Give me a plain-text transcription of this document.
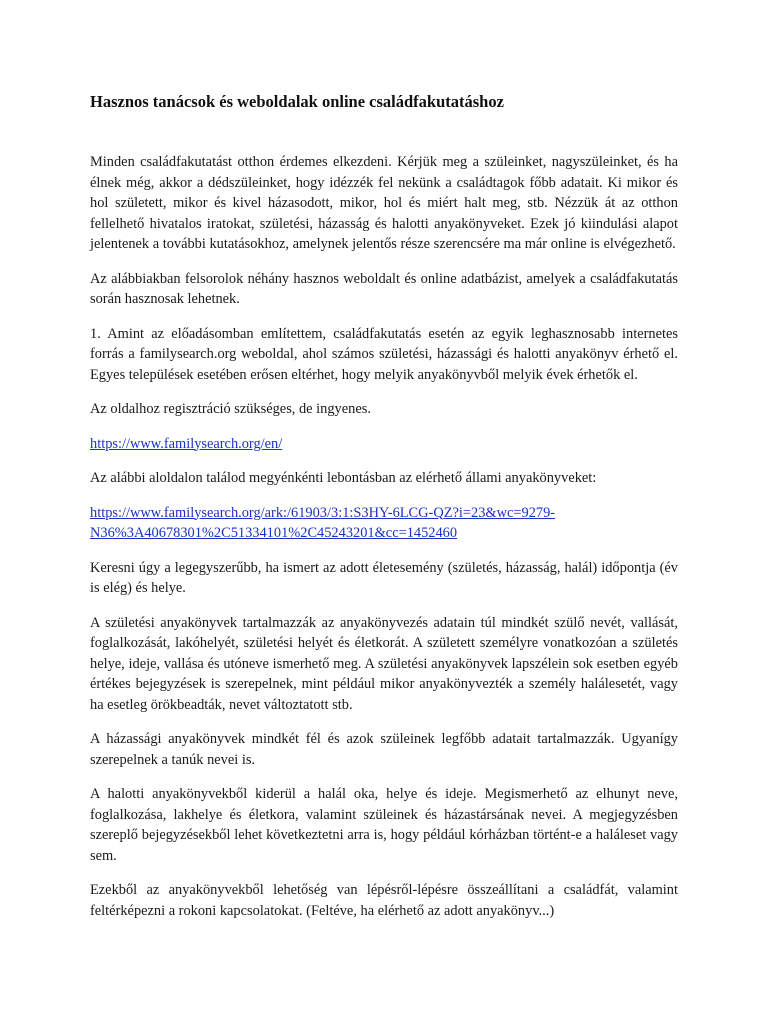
Hasznos tanácsok és weboldalak online családfakutatáshoz

Minden családfakutatást otthon érdemes elkezdeni. Kérjük meg a szüleinket, nagyszüleinket, és ha élnek még, akkor a dédszüleinket, hogy idézzék fel nekünk a családtagok főbb adatait. Ki mikor és hol született, mikor és kivel házasodott, mikor, hol és miért halt meg, stb. Nézzük át az otthon fellelhető hivatalos iratokat, születési, házasság és halotti anyakönyveket. Ezek jó kiindulási alapot jelentenek a további kutatásokhoz, amelynek jelentős része szerencsére ma már online is elvégezhető.

Az alábbiakban felsorolok néhány hasznos weboldalt és online adatbázist, amelyek a családfakutatás során hasznosak lehetnek.

1. Amint az előadásomban említettem, családfakutatás esetén az egyik leghasznosabb internetes forrás a familysearch.org weboldal, ahol számos születési, házassági és halotti anyakönyv érhető el. Egyes települések esetében erősen eltérhet, hogy melyik anyakönyvből melyik évek érhetők el.

Az oldalhoz regisztráció szükséges, de ingyenes.

https://www.familysearch.org/en/

Az alábbi aloldalon találod megyénkénti lebontásban az elérhető állami anyakönyveket:

https://www.familysearch.org/ark:/61903/3:1:S3HY-6LCG-QZ?i=23&wc=9279-
N36%3A40678301%2C51334101%2C45243201&cc=1452460

Keresni úgy a legegyszerűbb, ha ismert az adott életesemény (születés, házasság, halál) időpontja (év is elég) és helye.

A születési anyakönyvek tartalmazzák az anyakönyvezés adatain túl mindkét szülő nevét, vallását, foglalkozását, lakóhelyét, születési helyét és életkorát. A született személyre vonatkozóan a születés helye, ideje, vallása és utóneve ismerhető meg. A születési anyakönyvek lapszélein sok esetben egyéb értékes bejegyzések is szerepelnek, mint például mikor anyakönyvezték a személy halálesetét, vagy ha esetleg örökbeadták, nevet változtatott stb.

A házassági anyakönyvek mindkét fél és azok szüleinek legfőbb adatait tartalmazzák. Ugyanígy szerepelnek a tanúk nevei is.

A halotti anyakönyvekből kiderül a halál oka, helye és ideje. Megismerhető az elhunyt neve, foglalkozása, lakhelye és életkora, valamint szüleinek és házastársának nevei. A megjegyzésben szereplő bejegyzésekből lehet következtetni arra is, hogy például kórházban történt-e a haláleset vagy sem.

Ezekből az anyakönyvekből lehetőség van lépésről-lépésre összeállítani a családfát, valamint feltérképezni a rokoni kapcsolatokat. (Feltéve, ha elérhető az adott anyakönyv...)
